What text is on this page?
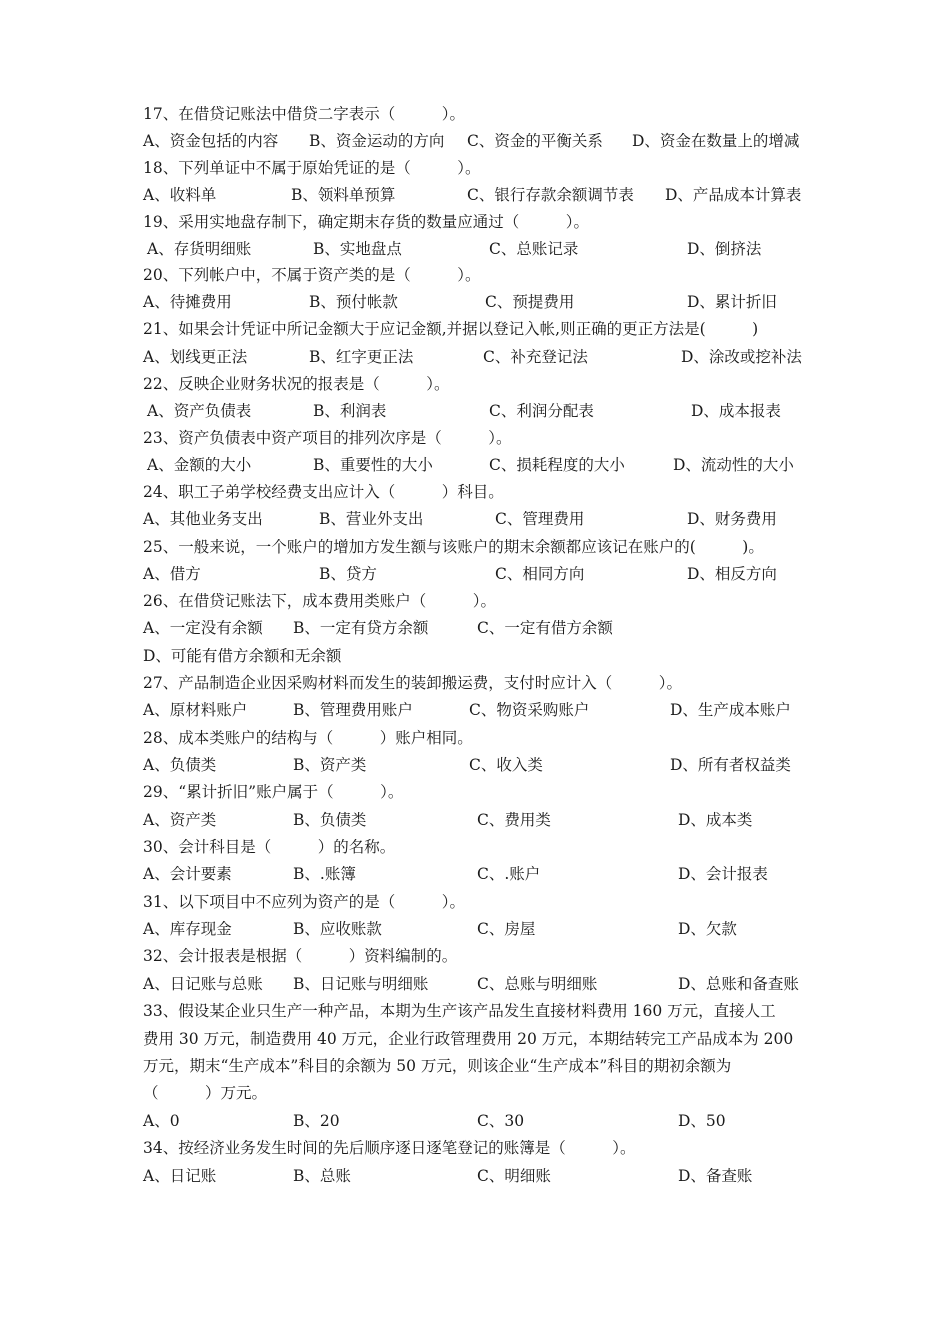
17、在借贷记账法中借贷二字表示（　　　）。
A、资金包括的内容 B、资金运动的方向 C、资金的平衡关系 D、资金在数量上的增减
18、下列单证中不属于原始凭证的是（　　　）。
A、收料单	B、领料单预算	C、银行存款余额调节表 D、产品成本计算表
19、采用实地盘存制下，确定期末存货的数量应通过（　　　）。
A、存货明细账	B、实地盘点	C、总账记录	D、倒挤法
20、下列帐户中，不属于资产类的是（　　　）。
A、待摊费用	B、预付帐款	C、预提费用	D、累计折旧
21、如果会计凭证中所记金额大于应记金额,并据以登记入帐,则正确的更正方法是(　　　)
A、划线更正法	B、红字更正法	C、补充登记法	D、涂改或挖补法
22、反映企业财务状况的报表是（　　　）。
A、资产负债表	B、利润表	C、利润分配表	D、成本报表
23、资产负债表中资产项目的排列次序是（　　　）。
A、金额的大小	B、重要性的大小	C、损耗程度的大小	D、流动性的大小
24、职工子弟学校经费支出应计入（　　　）科目。
A、其他业务支出	B、营业外支出	C、管理费用	D、财务费用
25、一般来说，一个账户的增加方发生额与该账户的期末余额都应该记在账户的(　　　)。
A、借方	B、贷方	C、相同方向	D、相反方向
26、在借贷记账法下，成本费用类账户（　　　）。
A、一定没有余额 B、一定有贷方余额	C、一定有借方余额
D、可能有借方余额和无余额
27、产品制造企业因采购材料而发生的装卸搬运费，支付时应计入（　　　）。
A、原材料账户	B、管理费用账户	C、物资采购账户	D、生产成本账户
28、成本类账户的结构与（　　　）账户相同。
A、负债类	B、资产类	C、收入类	D、所有者权益类
29、“累计折旧”账户属于（　　　）。
A、资产类	B、负债类	C、费用类	D、成本类
30、会计科目是（　　　）的名称。
A、会计要素	B、.账簿	C、.账户	D、会计报表
31、以下项目中不应列为资产的是（　　　）。
A、库存现金	B、应收账款	C、房屋	D、欠款
32、会计报表是根据（　　　）资料编制的。
A、日记账与总账 B、日记账与明细账	C、总账与明细账	D、总账和备查账
33、假设某企业只生产一种产品，本期为生产该产品发生直接材料费用 160 万元，直接人工
费用 30 万元，制造费用 40 万元，企业行政管理费用 20 万元，本期结转完工产品成本为 200
万元，期末“生产成本”科目的余额为 50 万元，则该企业“生产成本”科目的期初余额为
（　　　）万元。
A、0	B、20	C、30	D、50
34、按经济业务发生时间的先后顺序逐日逐笔登记的账簿是（　　　）。
A、日记账	B、总账	C、明细账	D、备查账
